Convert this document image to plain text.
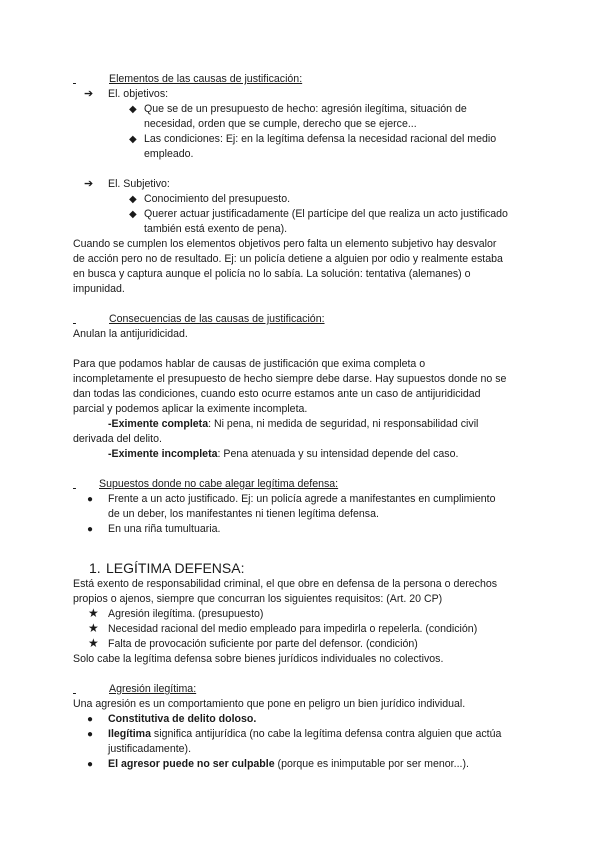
Elementos de las causas de justificación:

➔ El. objetivos:

◆ Que se de un presupuesto de hecho: agresión ilegítima, situación de

necesidad, orden que se cumple, derecho que se ejerce...

◆ Las condiciones: Ej: en la legítima defensa la necesidad racional del medio

empleado.

➔ El. Subjetivo:

◆ Conocimiento del presupuesto.

◆ Querer actuar justificadamente (El partícipe del que realiza un acto justificado

también está exento de pena).

Cuando se cumplen los elementos objetivos pero falta un elemento subjetivo hay desvalor

de acción pero no de resultado. Ej: un policía detiene a alguien por odio y realmente estaba

en busca y captura aunque el policía no lo sabía. La solución: tentativa (alemanes) o

impunidad.

Consecuencias de las causas de justificación:

Anulan la antijuridicidad.

Para que podamos hablar de causas de justificación que exima completa o

incompletamente el presupuesto de hecho siempre debe darse. Hay supuestos donde no se

dan todas las condiciones, cuando esto ocurre estamos ante un caso de antijuridicidad

parcial y podemos aplicar la eximente incompleta.

-Eximente completa: Ni pena, ni medida de seguridad, ni responsabilidad civil

derivada del delito.

-Eximente incompleta: Pena atenuada y su intensidad depende del caso.

Supuestos donde no cabe alegar legítima defensa:

● Frente a un acto justificado. Ej: un policía agrede a manifestantes en cumplimiento

de un deber, los manifestantes ni tienen legítima defensa.

● En una riña tumultuaria.

1. LEGÍTIMA DEFENSA:

Está exento de responsabilidad criminal, el que obre en defensa de la persona o derechos

propios o ajenos, siempre que concurran los siguientes requisitos: (Art. 20 CP)

★ Agresión ilegítima. (presupuesto)

★ Necesidad racional del medio empleado para impedirla o repelerla. (condición)

★ Falta de provocación suficiente por parte del defensor. (condición)

Solo cabe la legítima defensa sobre bienes jurídicos individuales no colectivos.

Agresión ilegítima:

Una agresión es un comportamiento que pone en peligro un bien jurídico individual.

● Constitutiva de delito doloso.

● Ilegítima significa antijurídica (no cabe la legítima defensa contra alguien que actúa

justificadamente).

● El agresor puede no ser culpable (porque es inimputable por ser menor...).
